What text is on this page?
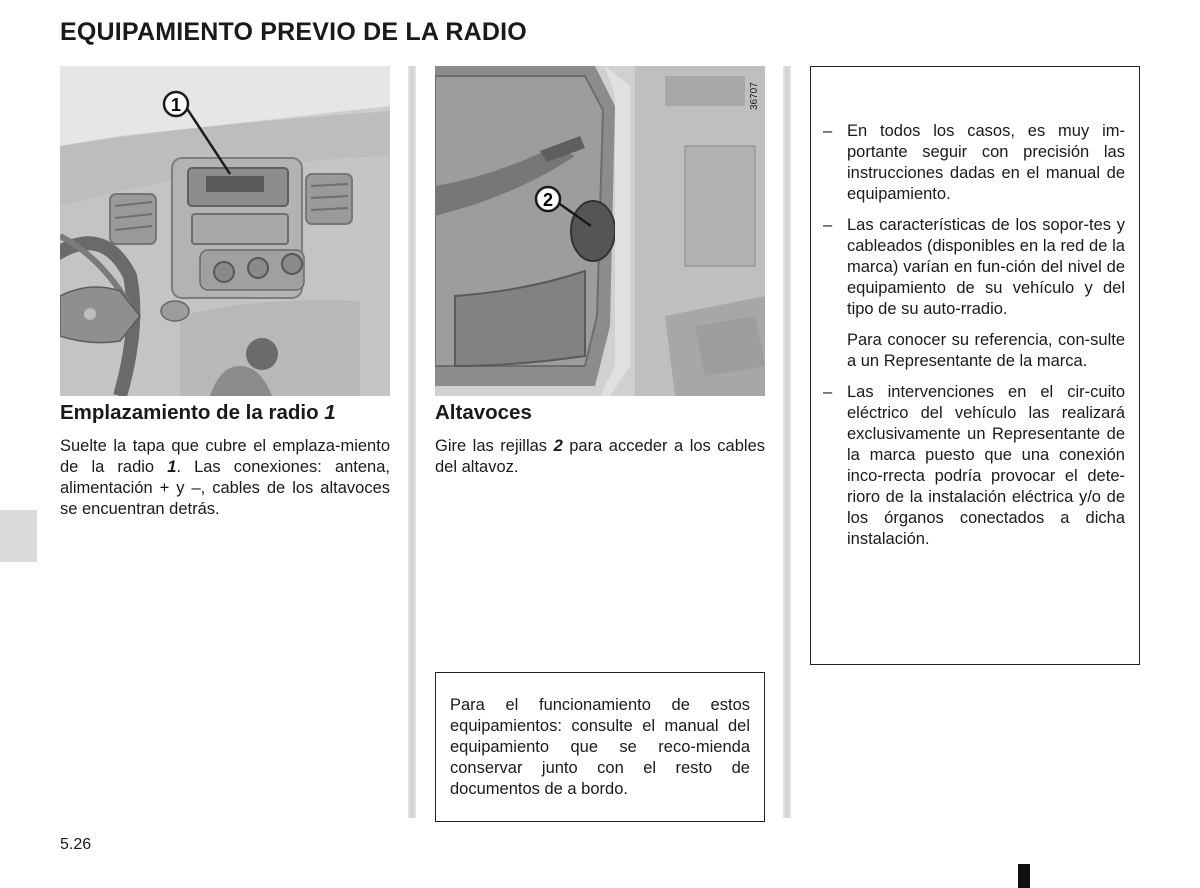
EQUIPAMIENTO PREVIO DE LA RADIO
1
Emplazamiento de la radio 1
Suelte la tapa que cubre el emplaza-miento de la radio 1. Las conexiones: antena, alimentación + y –, cables de los altavoces se encuentran detrás.
36707
2
Altavoces
Gire las rejillas 2 para acceder a los cables del altavoz.

Para el funcionamiento de estos equipamientos: consulte el manual del equipamiento que se reco-mienda conservar junto con el resto de documentos de a bordo.

– En todos los casos, es muy im-portante seguir con precisión las instrucciones dadas en el manual de equipamiento.

– Las características de los sopor-tes y cableados (disponibles en la red de la marca) varían en fun-ción del nivel de equipamiento de su vehículo y del tipo de su auto-rradio.

Para conocer su referencia, con-sulte a un Representante de la marca.

– Las intervenciones en el cir-cuito eléctrico del vehículo las realizará exclusivamente un Representante de la marca puesto que una conexión inco-rrecta podría provocar el dete-rioro de la instalación eléctrica y/o de los órganos conectados a dicha instalación.

5.26
